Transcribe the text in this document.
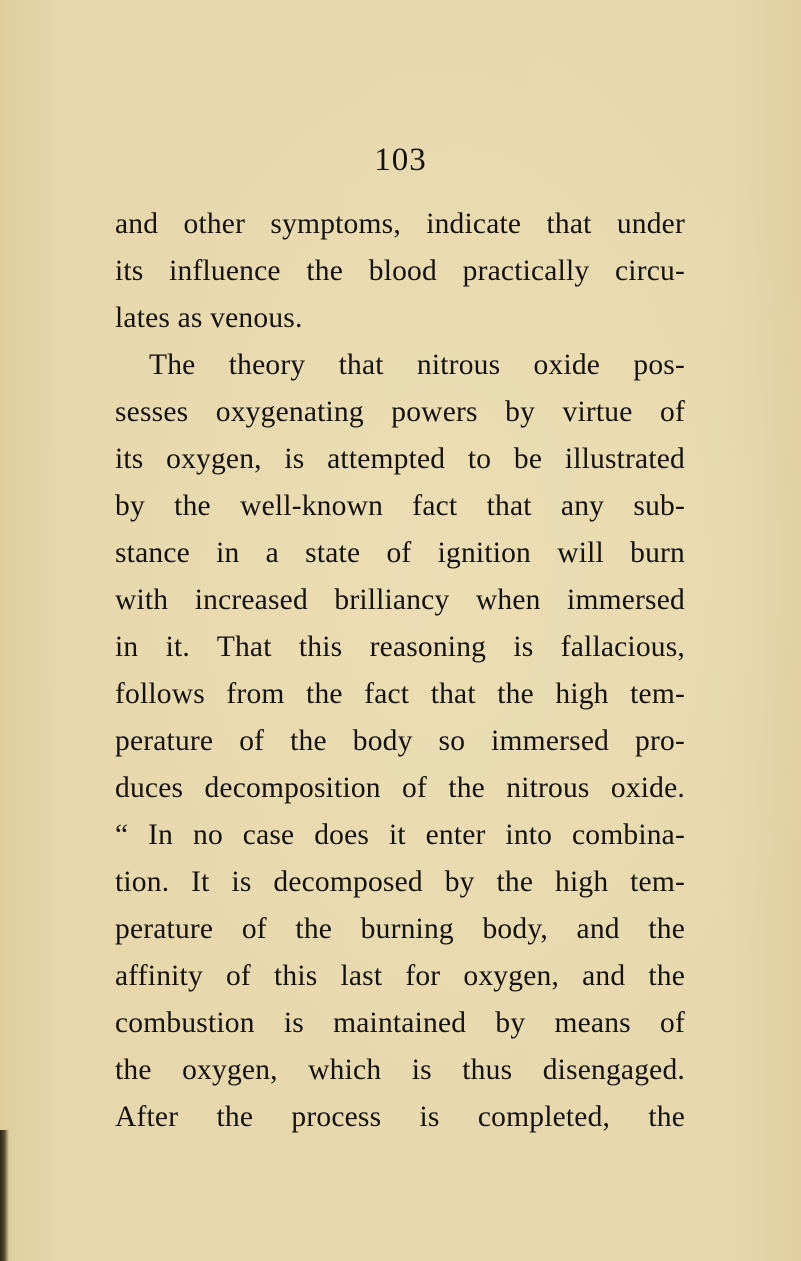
103
and other symptoms, indicate that under
its influence the blood practically circu-
lates as venous.
The theory that nitrous oxide pos-
sesses oxygenating powers by virtue of
its oxygen, is attempted to be illustrated
by the well-known fact that any sub-
stance in a state of ignition will burn
with increased brilliancy when immersed
in it. That this reasoning is fallacious,
follows from the fact that the high tem-
perature of the body so immersed pro-
duces decomposition of the nitrous oxide.
“ In no case does it enter into combina-
tion. It is decomposed by the high tem-
perature of the burning body, and the
affinity of this last for oxygen, and the
combustion is maintained by means of
the oxygen, which is thus disengaged.
After the process is completed, the
